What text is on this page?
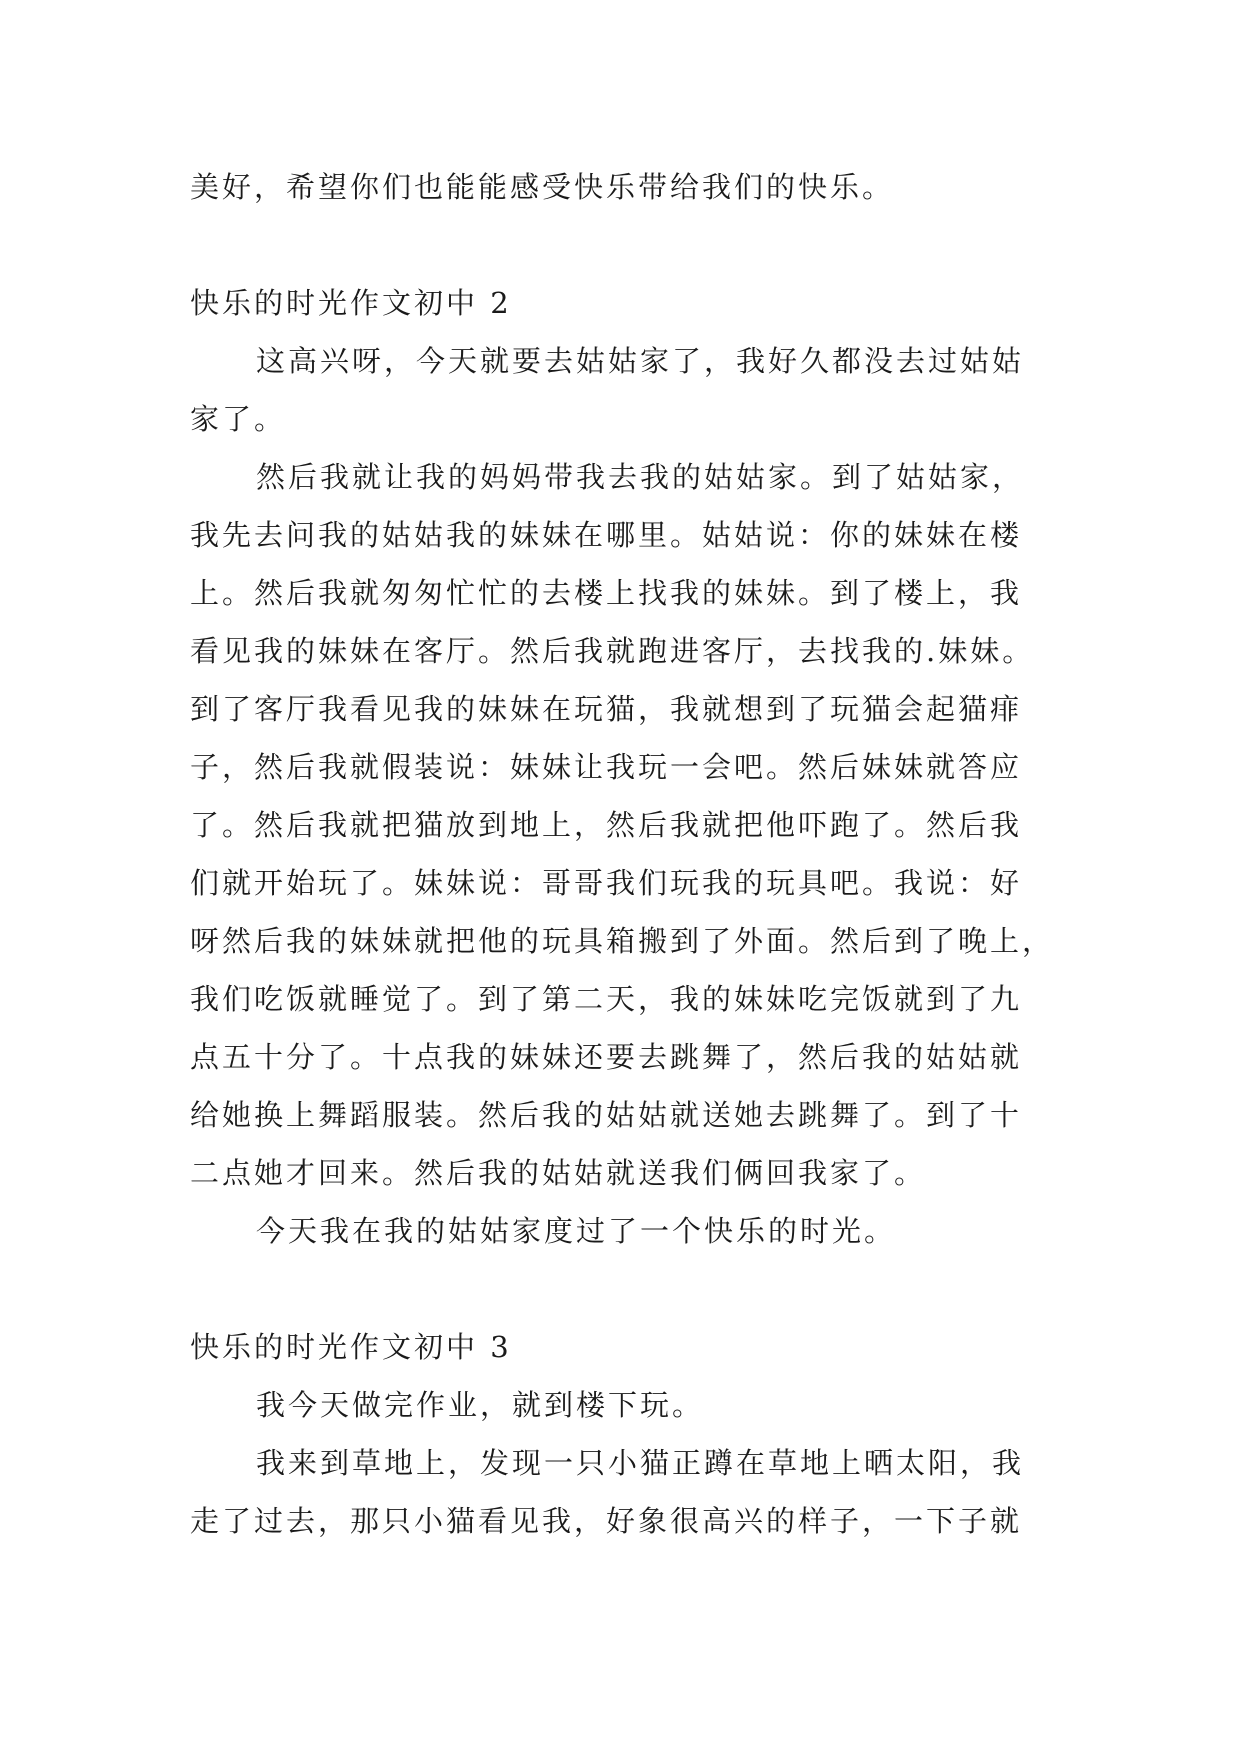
美好，希望你们也能能感受快乐带给我们的快乐。
快乐的时光作文初中 2
这高兴呀，今天就要去姑姑家了，我好久都没去过姑姑
家了。
然后我就让我的妈妈带我去我的姑姑家。到了姑姑家，
我先去问我的姑姑我的妹妹在哪里。姑姑说：你的妹妹在楼
上。然后我就匆匆忙忙的去楼上找我的妹妹。到了楼上，我
看见我的妹妹在客厅。然后我就跑进客厅，去找我的.妹妹。
到了客厅我看见我的妹妹在玩猫，我就想到了玩猫会起猫痱
子，然后我就假装说：妹妹让我玩一会吧。然后妹妹就答应
了。然后我就把猫放到地上，然后我就把他吓跑了。然后我
们就开始玩了。妹妹说：哥哥我们玩我的玩具吧。我说：好
呀然后我的妹妹就把他的玩具箱搬到了外面。然后到了晚上，
我们吃饭就睡觉了。到了第二天，我的妹妹吃完饭就到了九
点五十分了。十点我的妹妹还要去跳舞了，然后我的姑姑就
给她换上舞蹈服装。然后我的姑姑就送她去跳舞了。到了十
二点她才回来。然后我的姑姑就送我们俩回我家了。
今天我在我的姑姑家度过了一个快乐的时光。
快乐的时光作文初中 3
我今天做完作业，就到楼下玩。
我来到草地上，发现一只小猫正蹲在草地上晒太阳，我
走了过去，那只小猫看见我，好象很高兴的样子，一下子就
